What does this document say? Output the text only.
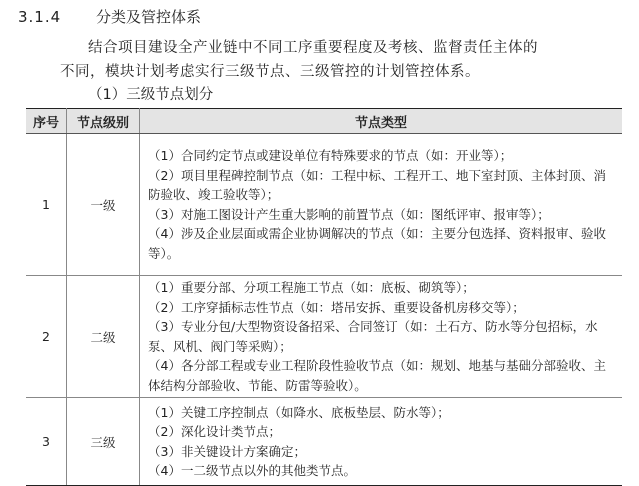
3.1.4 分类及管控体系
结合项目建设全产业链中不同工序重要程度及考核、监督责任主体的
不同，模块计划考虑实行三级节点、三级管控的计划管控体系。
（1）三级节点划分
序号	节点级别	节点类型
1	一级	（1）合同约定节点或建设单位有特殊要求的节点（如：开业等）；
（2）项目里程碑控制节点（如：工程中标、工程开工、地下室封顶、主体封顶、消防验收、竣工验收等）；
（3）对施工图设计产生重大影响的前置节点（如：图纸评审、报审等）；
（4）涉及企业层面或需企业协调解决的节点（如：主要分包选择、资料报审、验收等）。

2	二级	（1）重要分部、分项工程施工节点（如：底板、砌筑等）；
（2）工序穿插标志性节点（如：塔吊安拆、重要设备机房移交等）；
（3）专业分包/大型物资设备招采、合同签订（如：土石方、防水等分包招标，水泵、风机、阀门等采购）；
（4）各分部工程或专业工程阶段性验收节点（如：规划、地基与基础分部验收、主体结构分部验收、节能、防雷等验收）。

3	三级	（1）关键工序控制点（如降水、底板垫层、防水等）；
（2）深化设计类节点；
（3）非关键设计方案确定；
（4）一二级节点以外的其他类节点。
